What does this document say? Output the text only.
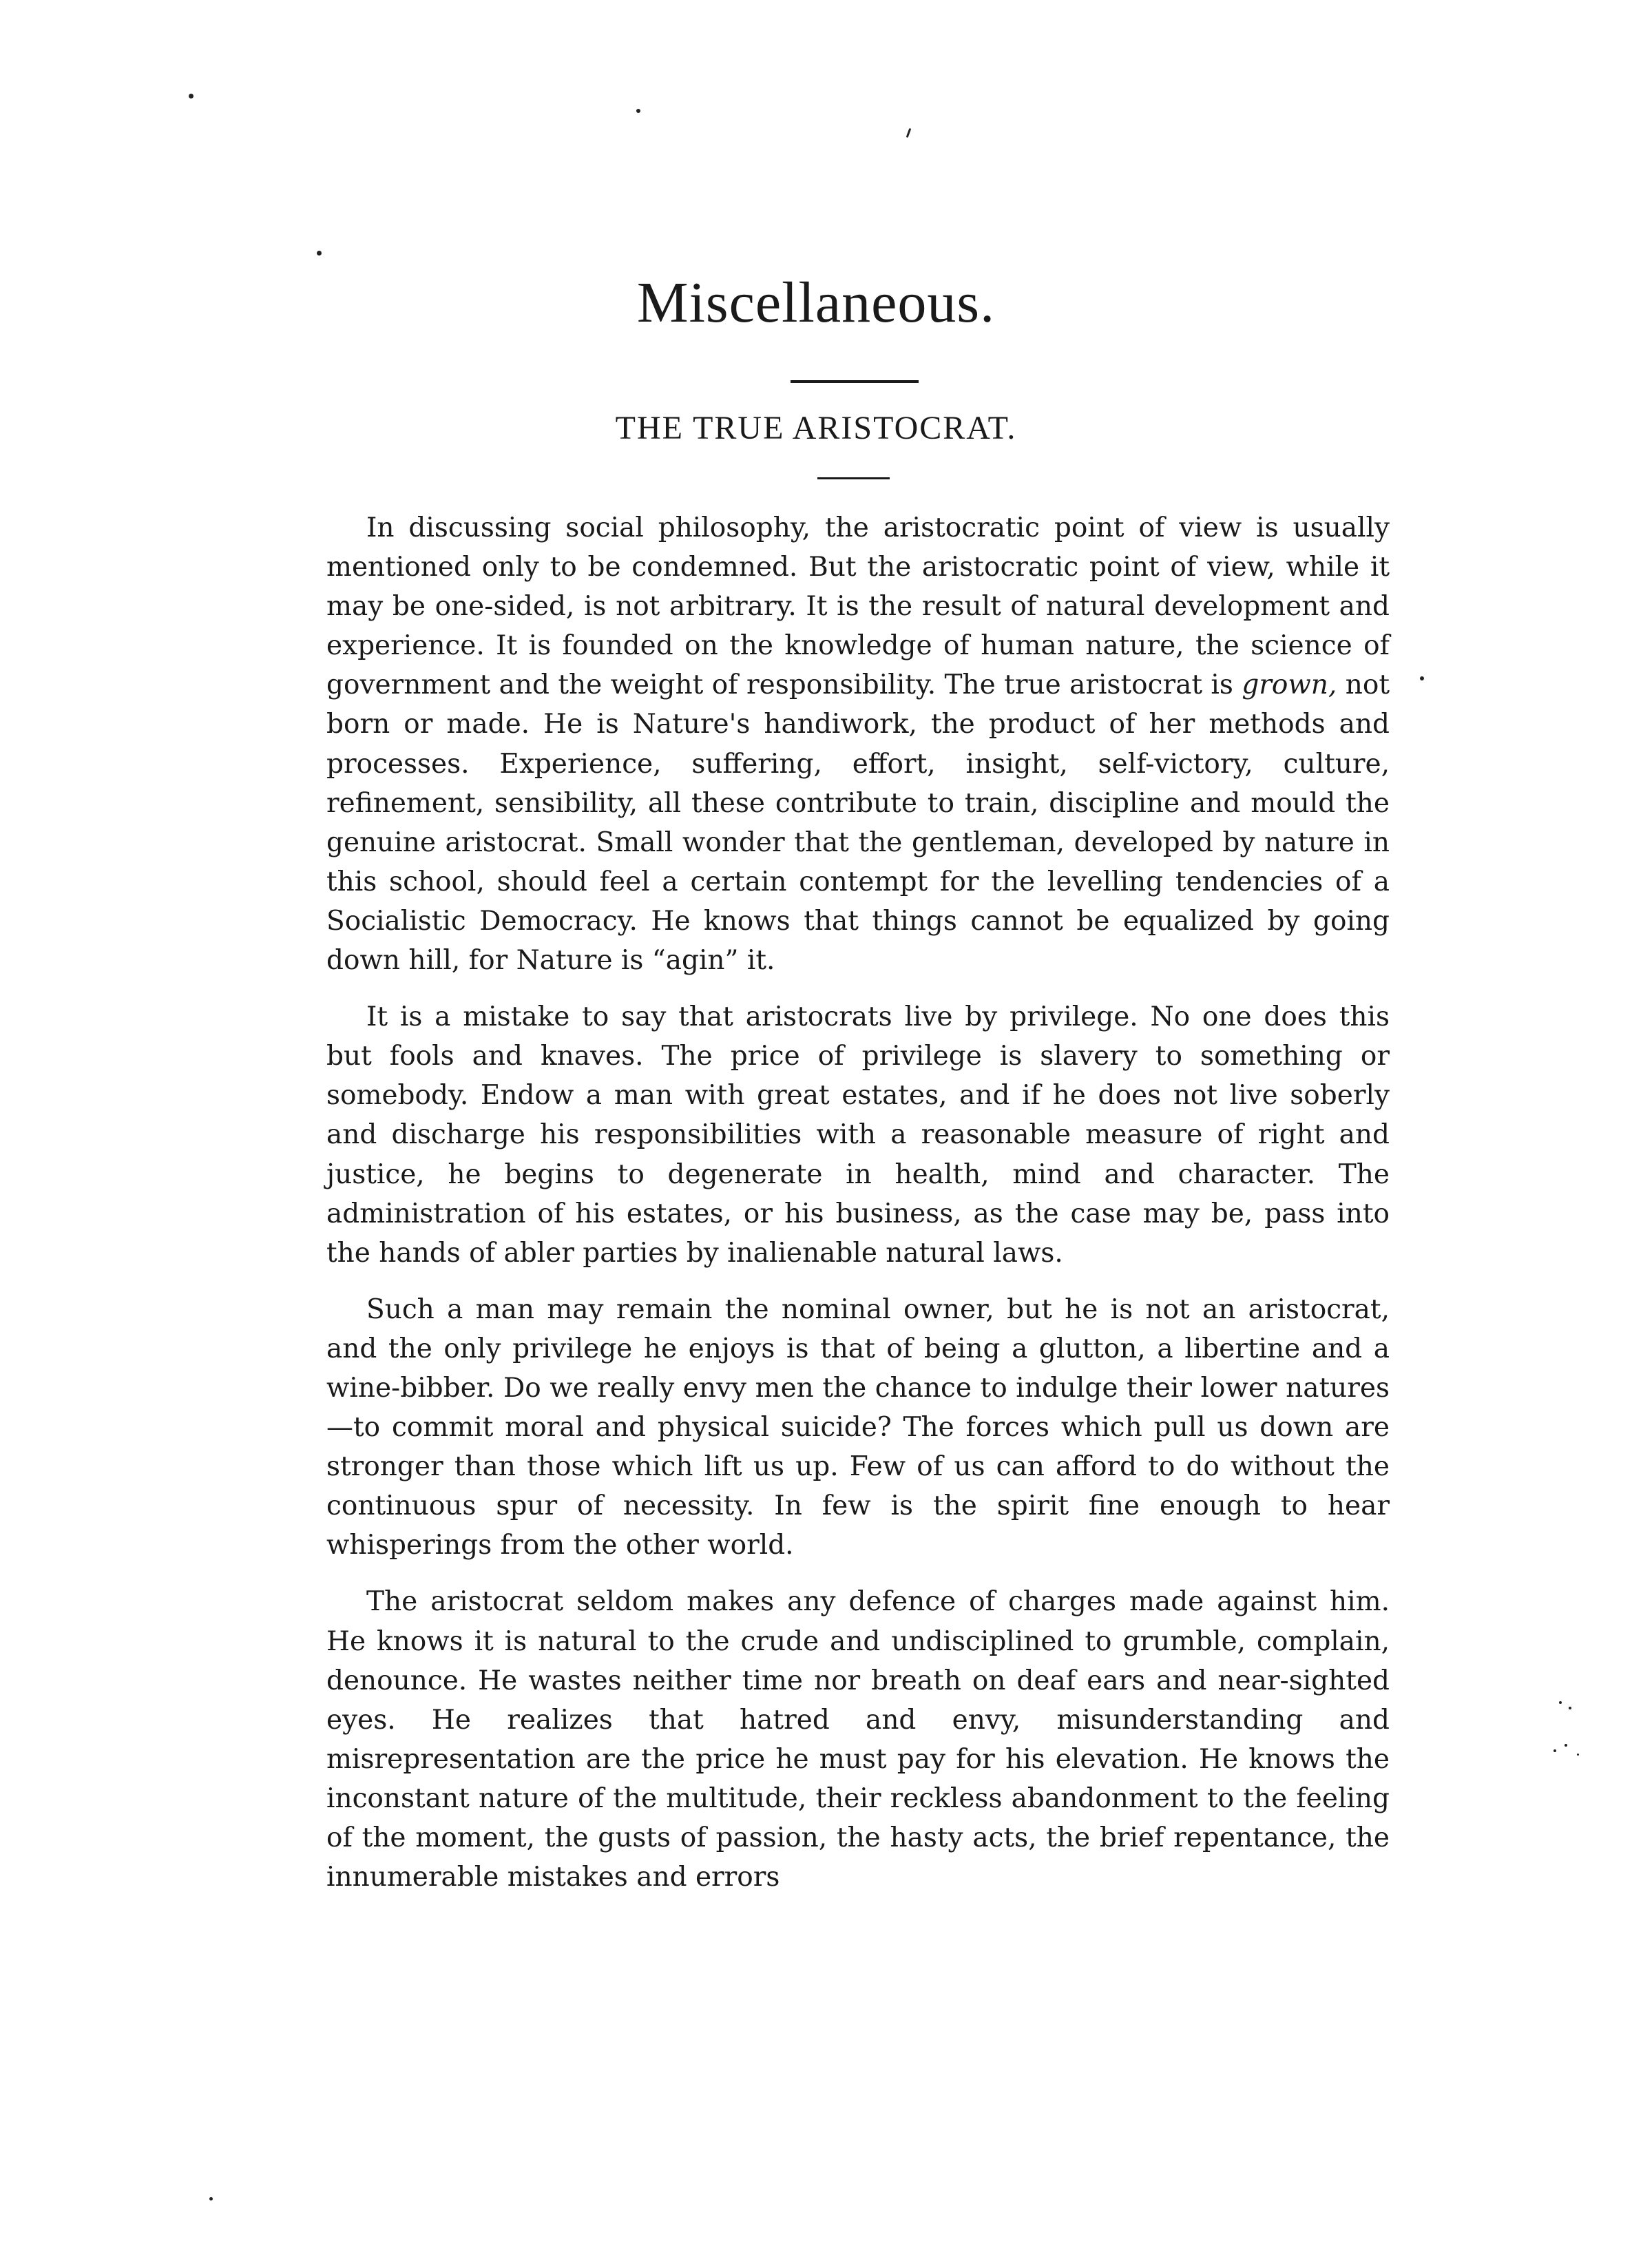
Miscellaneous.
THE TRUE ARISTOCRAT.

In discussing social philosophy, the aristocratic point of view is usually mentioned only to be condemned. But the aristocratic point of view, while it may be one-sided, is not arbitrary. It is the result of natural development and experience. It is founded on the knowledge of human nature, the science of government and the weight of responsibility. The true aristocrat is grown, not born or made. He is Nature's handiwork, the product of her methods and processes. Experience, suffering, effort, insight, self-victory, culture, refinement, sensibility, all these contribute to train, discipline and mould the genuine aristocrat. Small wonder that the gentleman, developed by nature in this school, should feel a certain contempt for the levelling tendencies of a Socialistic Democracy. He knows that things cannot be equalized by going down hill, for Nature is “agin” it.

It is a mistake to say that aristocrats live by privilege. No one does this but fools and knaves. The price of privilege is slavery to something or somebody. Endow a man with great estates, and if he does not live soberly and discharge his responsibilities with a reasonable measure of right and justice, he begins to degenerate in health, mind and character. The administration of his estates, or his business, as the case may be, pass into the hands of abler parties by inalienable natural laws.

Such a man may remain the nominal owner, but he is not an aristocrat, and the only privilege he enjoys is that of being a glutton, a libertine and a wine-bibber. Do we really envy men the chance to indulge their lower natures—to commit moral and physical suicide? The forces which pull us down are stronger than those which lift us up. Few of us can afford to do without the continuous spur of necessity. In few is the spirit fine enough to hear whisperings from the other world.

The aristocrat seldom makes any defence of charges made against him. He knows it is natural to the crude and undisciplined to grumble, complain, denounce. He wastes neither time nor breath on deaf ears and near-sighted eyes. He realizes that hatred and envy, misunderstanding and misrepresentation are the price he must pay for his elevation. He knows the inconstant nature of the multitude, their reckless abandonment to the feeling of the moment, the gusts of passion, the hasty acts, the brief repentance, the innumerable mistakes and errors
